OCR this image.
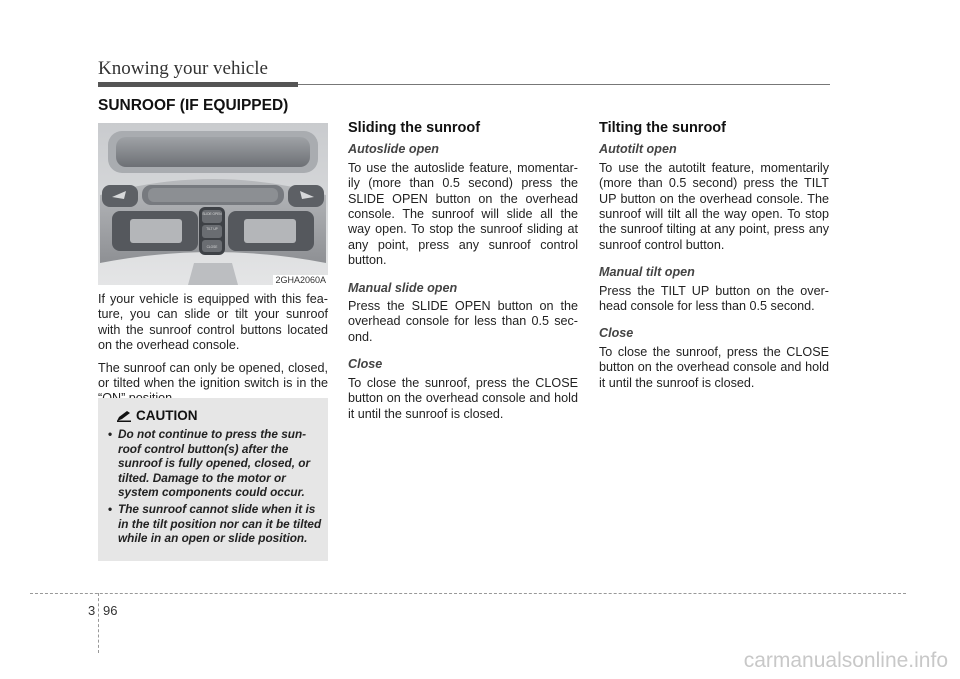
Knowing your vehicle
SUNROOF (IF EQUIPPED)
SLIDE OPEN
TILT UP
CLOSE
2GHA2060A

If your vehicle is equipped with this fea-ture, you can slide or tilt your sunroof with the sunroof control buttons located on the overhead console.

The sunroof can only be opened, closed, or tilted when the ignition switch is in the

CAUTION
• Do not continue to press the sun-roof control button(s) after the sunroof is fully opened, closed, or tilted. Damage to the motor or system components could occur.
• The sunroof cannot slide when it is in the tilt position nor can it be tilted while in an open or slide position.
Sliding the sunroof
Autoslide open

To use the autoslide feature, momentar-ily (more than 0.5 second) press the SLIDE OPEN button on the overhead console. The sunroof will slide all the way open. To stop the sunroof sliding at any point, press any sunroof control button.

Manual slide open

Press the SLIDE OPEN button on the overhead console for less than 0.5 sec-ond.

Close

To close the sunroof, press the CLOSE button on the overhead console and hold it until the sunroof is closed.

Tilting the sunroof
Autotilt open

To use the autotilt feature, momentarily (more than 0.5 second) press the TILT UP button on the overhead console. The sunroof will tilt all the way open. To stop the sunroof tilting at any point, press any sunroof control button.

Manual tilt open

Press the TILT UP button on the over-head console for less than 0.5 second.

Close

To close the sunroof, press the CLOSE button on the overhead console and hold it until the sunroof is closed.

3 96
carmanualsonline.info
